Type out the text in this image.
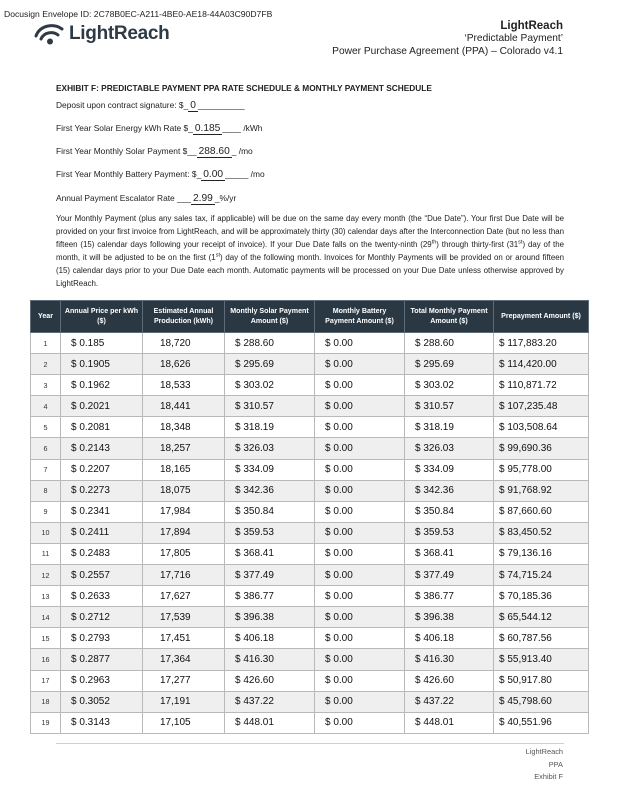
Docusign Envelope ID: 2C78B0EC-A211-4BE0-AE18-44A03C90D7FB
LightReach	LightReach
‘Predictable Payment’
Power Purchase Agreement (PPA) – Colorado v4.1
EXHIBIT F: PREDICTABLE PAYMENT PPA RATE SCHEDULE & MONTHLY PAYMENT SCHEDULE
Deposit upon contract signature: $_ 0 __________
First Year Solar Energy kWh Rate $_ 0.185 ____ /kWh
First Year Monthly Solar Payment $__ 288.60 _ /mo
First Year Monthly Battery Payment: $_ 0.00 _____ /mo
Annual Payment Escalator Rate ___ 2.99 _%/yr
Your Monthly Payment (plus any sales tax, if applicable) will be due on the same day every month (the “Due Date”). Your first Due Date will be provided on your first invoice from LightReach, and will be approximately thirty (30) calendar days after the Interconnection Date (but no less than fifteen (15) calendar days following your receipt of invoice). If your Due Date falls on the twenty-ninth (29th) through thirty-first (31st) day of the month, it will be adjusted to be on the first (1st) day of the following month. Invoices for Monthly Payments will be provided on or around fifteen (15) calendar days prior to your Due Date each month. Automatic payments will be processed on your Due Date unless otherwise approved by LightReach.
Year	Annual Price per kWh ($)	Estimated Annual Production (kWh)	Monthly Solar Payment Amount ($)	Monthly Battery Payment Amount ($)	Total Monthly Payment Amount ($)	Prepayment Amount ($)
1	$ 0.185	18,720	$ 288.60	$ 0.00	$ 288.60	$ 117,883.20
2	$ 0.1905	18,626	$ 295.69	$ 0.00	$ 295.69	$ 114,420.00
3	$ 0.1962	18,533	$ 303.02	$ 0.00	$ 303.02	$ 110,871.72
4	$ 0.2021	18,441	$ 310.57	$ 0.00	$ 310.57	$ 107,235.48
5	$ 0.2081	18,348	$ 318.19	$ 0.00	$ 318.19	$ 103,508.64
6	$ 0.2143	18,257	$ 326.03	$ 0.00	$ 326.03	$ 99,690.36
7	$ 0.2207	18,165	$ 334.09	$ 0.00	$ 334.09	$ 95,778.00
8	$ 0.2273	18,075	$ 342.36	$ 0.00	$ 342.36	$ 91,768.92
9	$ 0.2341	17,984	$ 350.84	$ 0.00	$ 350.84	$ 87,660.60
10	$ 0.2411	17,894	$ 359.53	$ 0.00	$ 359.53	$ 83,450.52
11	$ 0.2483	17,805	$ 368.41	$ 0.00	$ 368.41	$ 79,136.16
12	$ 0.2557	17,716	$ 377.49	$ 0.00	$ 377.49	$ 74,715.24
13	$ 0.2633	17,627	$ 386.77	$ 0.00	$ 386.77	$ 70,185.36
14	$ 0.2712	17,539	$ 396.38	$ 0.00	$ 396.38	$ 65,544.12
15	$ 0.2793	17,451	$ 406.18	$ 0.00	$ 406.18	$ 60,787.56
16	$ 0.2877	17,364	$ 416.30	$ 0.00	$ 416.30	$ 55,913.40
17	$ 0.2963	17,277	$ 426.60	$ 0.00	$ 426.60	$ 50,917.80
18	$ 0.3052	17,191	$ 437.22	$ 0.00	$ 437.22	$ 45,798.60
19	$ 0.3143	17,105	$ 448.01	$ 0.00	$ 448.01	$ 40,551.96
LightReach
PPA
Exhibit F
